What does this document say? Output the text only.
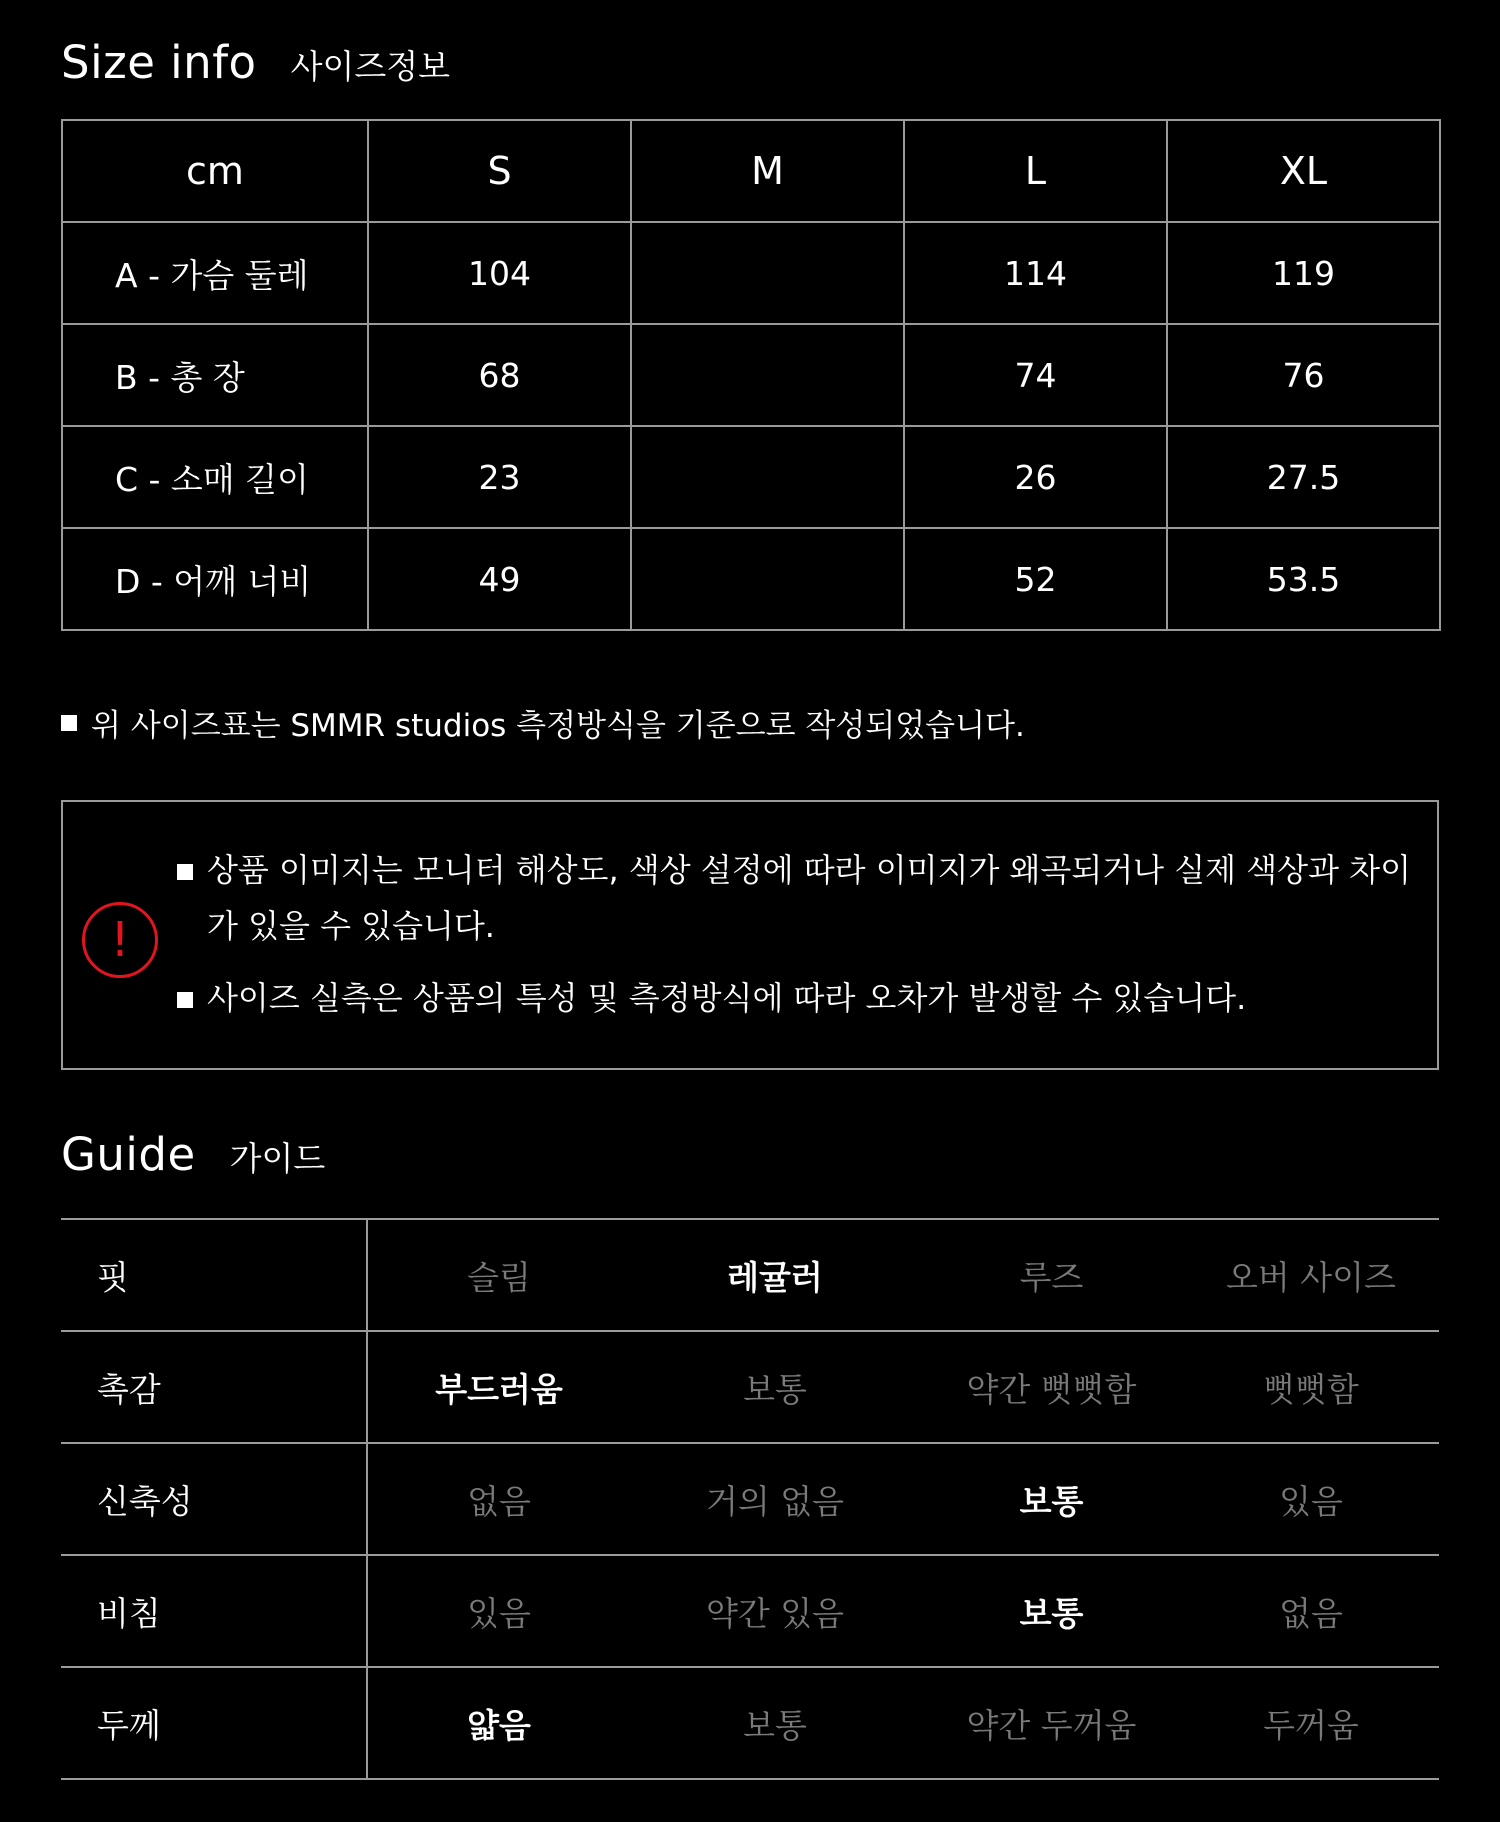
Size info 사이즈정보
cm	S	M	L	XL
A - 가슴 둘레	104		114	119
B - 총 장	68		74	76
C - 소매 길이	23		26	27.5
D - 어깨 너비	49		52	53.5
위 사이즈표는 SMMR studios 측정방식을 기준으로 작성되었습니다.
!
상품 이미지는 모니터 해상도, 색상 설정에 따라 이미지가 왜곡되거나 실제 색상과 차이가 있을 수 있습니다.
사이즈 실측은 상품의 특성 및 측정방식에 따라 오차가 발생할 수 있습니다.
Guide 가이드
핏	슬림	레귤러	루즈	오버 사이즈
촉감	부드러움	보통	약간 뻣뻣함	뻣뻣함
신축성	없음	거의 없음	보통	있음
비침	있음	약간 있음	보통	없음
두께	얇음	보통	약간 두꺼움	두꺼움
